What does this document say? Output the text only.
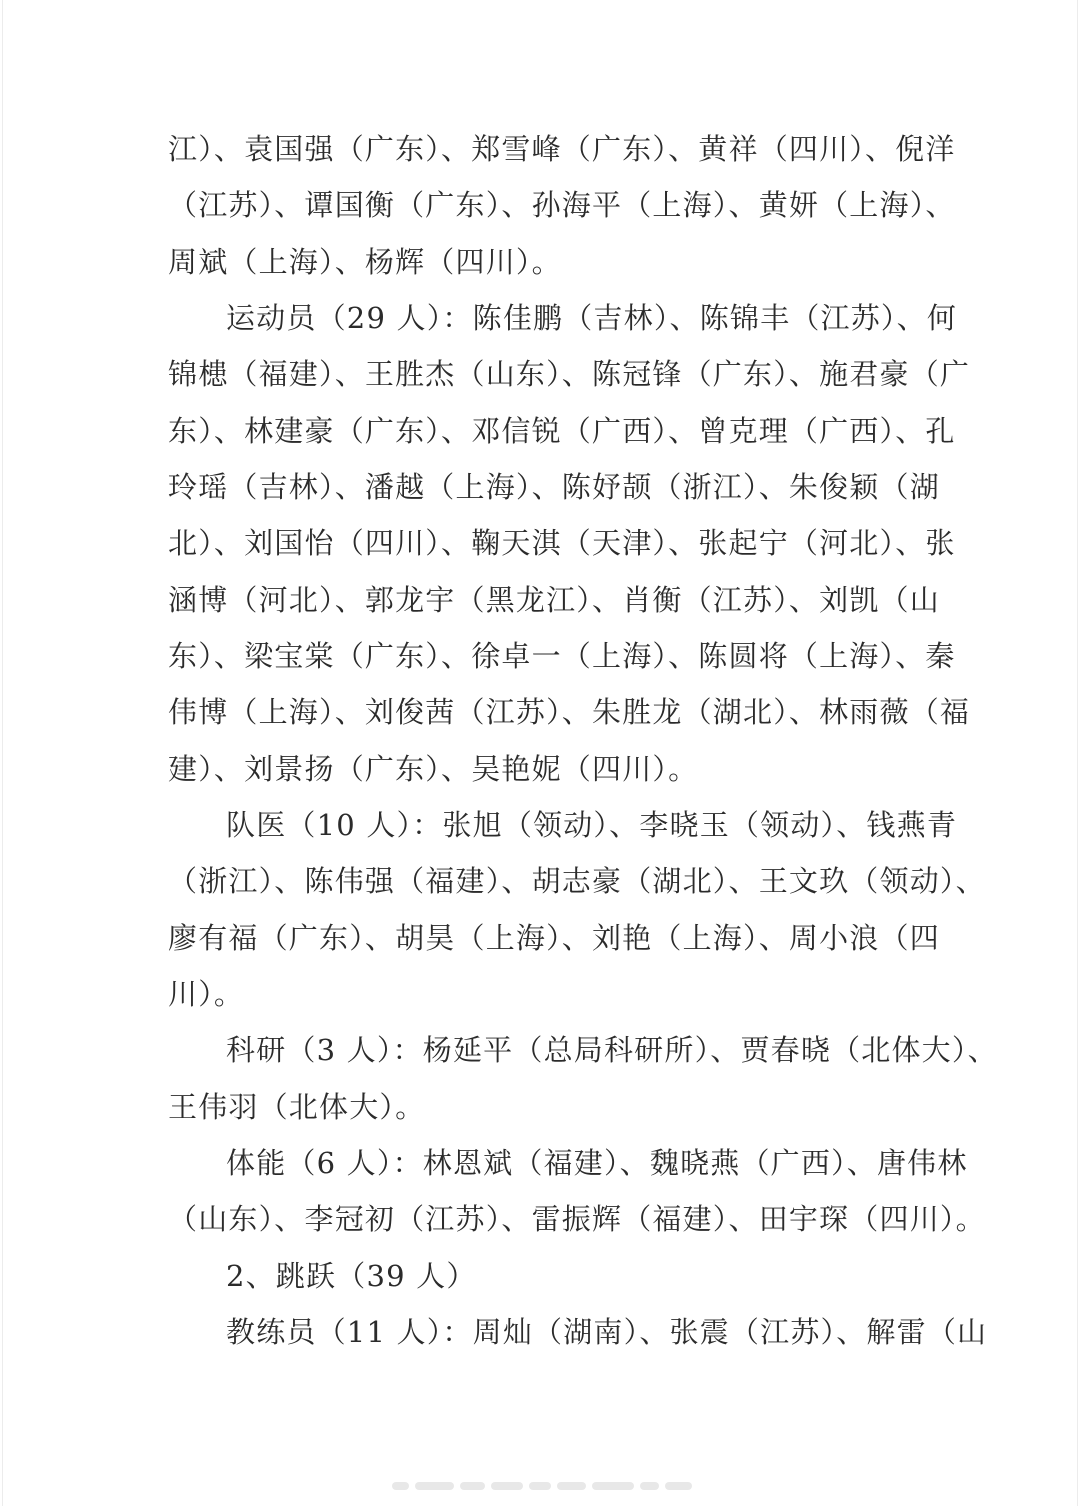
江）、袁国强（广东）、郑雪峰（广东）、黄祥（四川）、倪洋
（江苏）、谭国衡（广东）、孙海平（上海）、黄妍（上海）、
周斌（上海）、杨辉（四川）。
运动员（29 人）：陈佳鹏（吉林）、陈锦丰（江苏）、何
锦槵（福建）、王胜杰（山东）、陈冠锋（广东）、施君豪（广
东）、林建豪（广东）、邓信锐（广西）、曾克理（广西）、孔
玲瑶（吉林）、潘越（上海）、陈妤颉（浙江）、朱俊颖（湖
北）、刘国怡（四川）、鞠天淇（天津）、张起宁（河北）、张
涵博（河北）、郭龙宇（黑龙江）、肖衡（江苏）、刘凯（山
东）、梁宝棠（广东）、徐卓一（上海）、陈圆将（上海）、秦
伟博（上海）、刘俊茜（江苏）、朱胜龙（湖北）、林雨薇（福
建）、刘景扬（广东）、吴艳妮（四川）。
队医（10 人）：张旭（领动）、李晓玉（领动）、钱燕青
（浙江）、陈伟强（福建）、胡志豪（湖北）、王文玖（领动）、
廖有福（广东）、胡昊（上海）、刘艳（上海）、周小浪（四
川）。
科研（3 人）：杨延平（总局科研所）、贾春晓（北体大）、
王伟羽（北体大）。
体能（6 人）：林恩斌（福建）、魏晓燕（广西）、唐伟林
（山东）、李冠初（江苏）、雷振辉（福建）、田宇琛（四川）。
2、跳跃（39 人）
教练员（11 人）：周灿（湖南）、张震（江苏）、解雷（山
